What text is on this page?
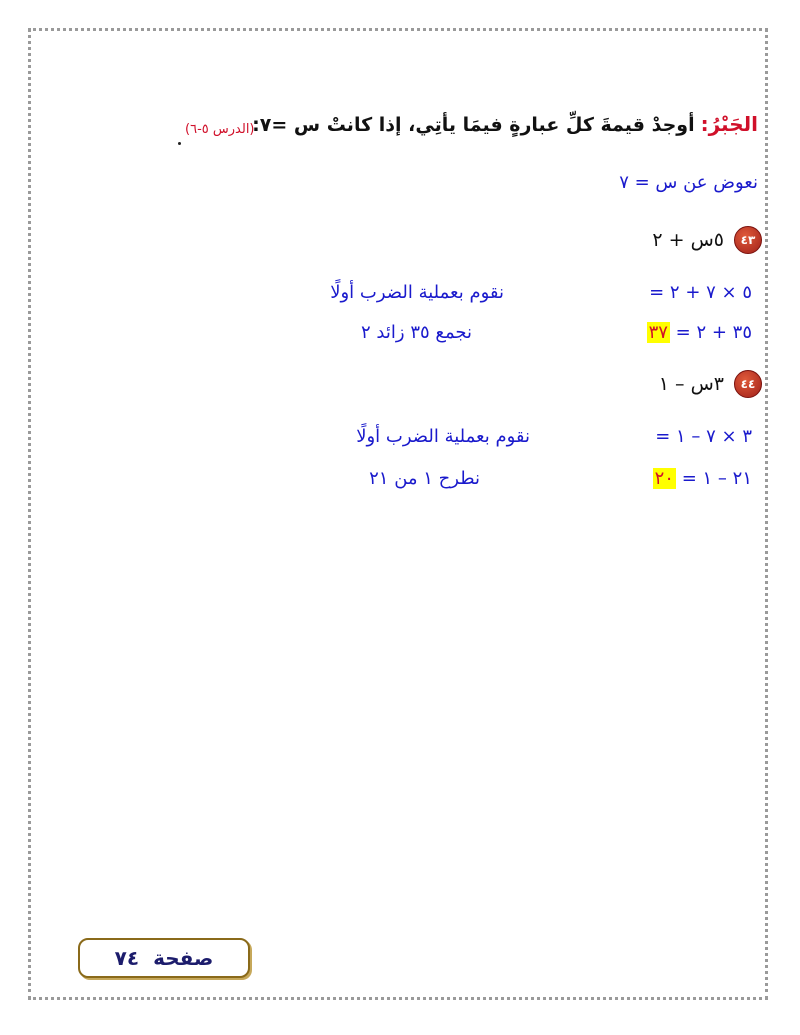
الجَبْرُ:
أوجدْ قيمةَ كلِّ عبارةٍ فيمَا يأتِي، إذا كانتْ س =٧:
(الدرس ٥-٦)
نعوض عن س = ٧
٤٣
٥س + ٢
٥ × ٧ + ٢ =
نقوم بعملية الضرب أولًا
٣٥ + ٢ = ٣٧
نجمع ٣٥ زائد ٢
٤٤
٣س – ١
٣ × ٧ – ١ =
نقوم بعملية الضرب أولًا
٢١ – ١ = ٢٠
نطرح ١ من ٢١
صفحة
٧٤
